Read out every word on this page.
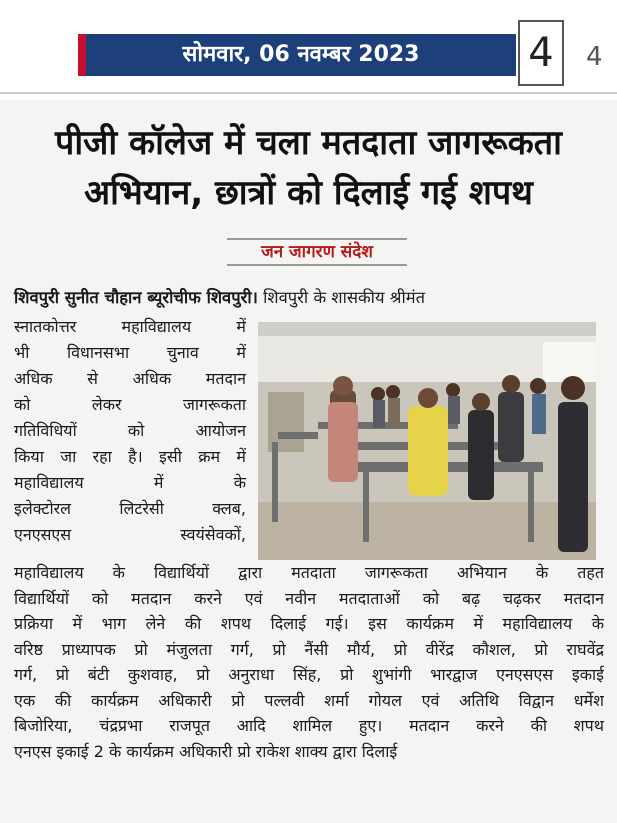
सोमवार, 06 नवम्बर 2023	4	4
पीजी कॉलेज में चला मतदाता जागरूकता
अभियान, छात्रों को दिलाई गई शपथ
जन जागरण संदेश
शिवपुरी सुनीत चौहान ब्यूरोचीफ शिवपुरी। शिवपुरी के शासकीय श्रीमंत
स्नातकोत्तर महाविद्यालय में
भी विधानसभा चुनाव में
अधिक से अधिक मतदान
को लेकर जागरूकता
गतिविधियों को आयोजन
किया जा रहा है। इसी क्रम में
महाविद्यालय में के
इलेक्टोरल लिटरेसी क्लब,
एनएसएस स्वयंसेवकों,
महाविद्यालय के विद्यार्थियों द्वारा मतदाता जागरूकता अभियान के तहत
विद्यार्थियों को मतदान करने एवं नवीन मतदाताओं को बढ़ चढ़कर मतदान
प्रक्रिया में भाग लेने की शपथ दिलाई गई। इस कार्यक्रम में महाविद्यालय के
वरिष्ठ प्राध्यापक प्रो मंजुलता गर्ग, प्रो नैंसी मौर्य, प्रो वीरेंद्र कौशल, प्रो राघवेंद्र
गर्ग, प्रो बंटी कुशवाह, प्रो अनुराधा सिंह, प्रो शुभांगी भारद्वाज एनएसएस इकाई
एक की कार्यक्रम अधिकारी प्रो पल्लवी शर्मा गोयल एवं अतिथि विद्वान धर्मेश
बिजोरिया, चंद्रप्रभा राजपूत आदि शामिल हुए। मतदान करने की शपथ
एनएस इकाई 2 के कार्यक्रम अधिकारी प्रो राकेश शाक्य द्वारा दिलाई
